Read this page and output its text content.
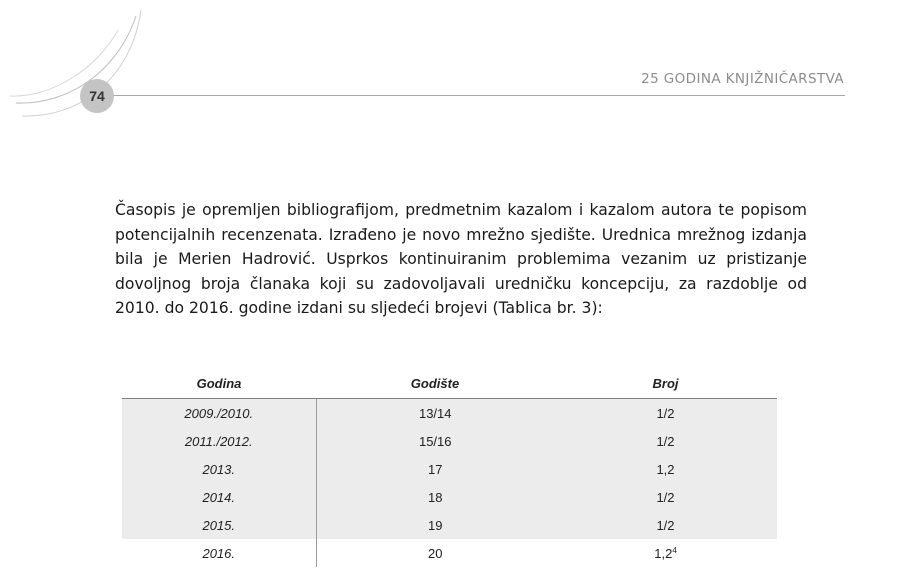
74
25 GODINA KNJIŽNIČARSTVA

Časopis je opremljen bibliografijom, predmetnim kazalom i kazalom autora te popisom potencijalnih recenzenata. Izrađeno je novo mrežno sjedište. Urednica mrežnog izdanja bila je Merien Hadrović. Usprkos kontinuiranim problemima vezanim uz pristizanje dovoljnog broja članaka koji su zadovoljavali uredničku koncepciju, za razdoblje od 2010. do 2016. godine izdani su sljedeći brojevi (Tablica br. 3):

Godina	Godište	Broj
2009./2010.	13/14	1/2
2011./2012.	15/16	1/2
2013.	17	1,2
2014.	18	1/2
2015.	19	1/2
2016.	20	$1,2^4$
